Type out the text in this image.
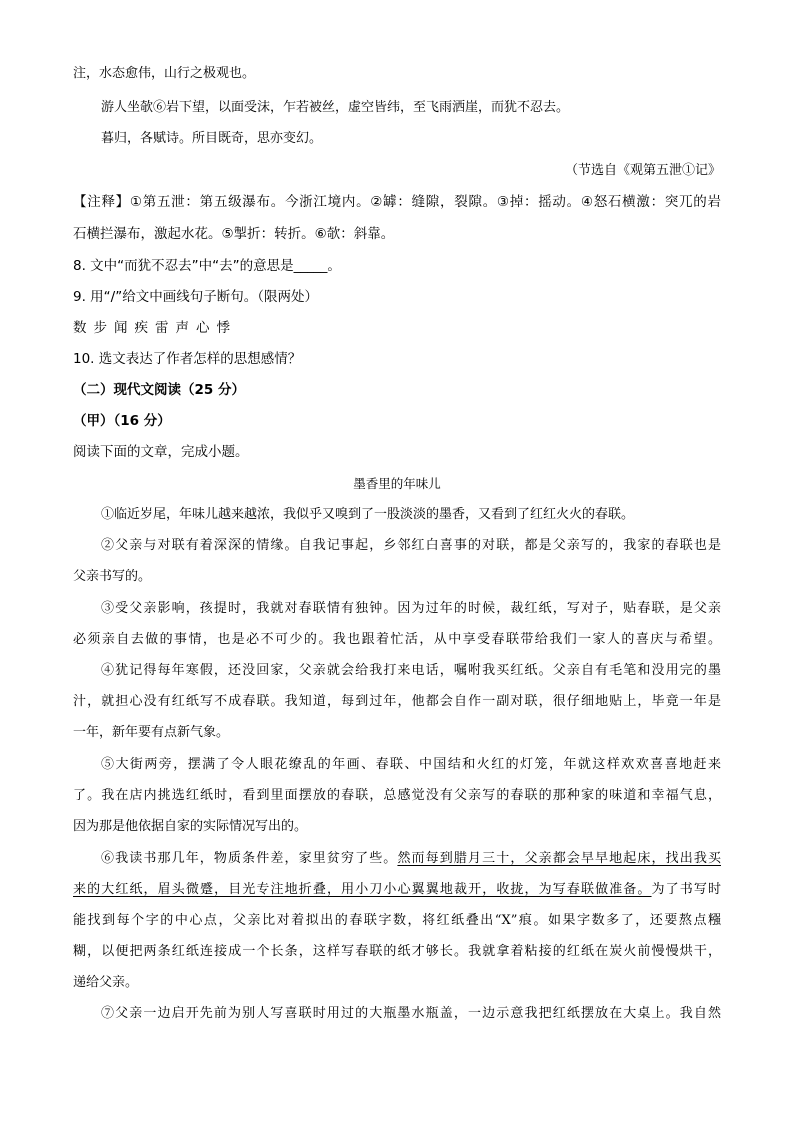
注，水态愈伟，山行之极观也。
游人坐欹⑥岩下望，以面受沫，乍若被丝，虚空皆纬，至飞雨洒崖，而犹不忍去。
暮归，各赋诗。所目既奇，思亦变幻。
（节选自《观第五泄①记》
【注释】①第五泄：第五级瀑布。今浙江境内。②罅：缝隙，裂隙。③掉：摇动。④怒石横激：突兀的岩
石横拦瀑布，激起水花。⑤掣折：转折。⑥欹：斜靠。
8. 文中“而犹不忍去”中“去”的意思是_____。
9. 用“/”给文中画线句子断句。（限两处）
数步闻疾雷声心悸
10. 选文表达了作者怎样的思想感情？
（二）现代文阅读（25 分）
（甲）（16 分）
阅读下面的文章，完成小题。
墨香里的年味儿
①临近岁尾，年味儿越来越浓，我似乎又嗅到了一股淡淡的墨香，又看到了红红火火的春联。
②父亲与对联有着深深的情缘。自我记事起，乡邻红白喜事的对联，都是父亲写的，我家的春联也是
父亲书写的。
③受父亲影响，孩提时，我就对春联情有独钟。因为过年的时候，裁红纸，写对子，贴春联，是父亲
必须亲自去做的事情，也是必不可少的。我也跟着忙活，从中享受春联带给我们一家人的喜庆与希望。
④犹记得每年寒假，还没回家，父亲就会给我打来电话，嘱咐我买红纸。父亲自有毛笔和没用完的墨
汁，就担心没有红纸写不成春联。我知道，每到过年，他都会自作一副对联，很仔细地贴上，毕竟一年是
一年，新年要有点新气象。
⑤大街两旁，摆满了令人眼花缭乱的年画、春联、中国结和火红的灯笼，年就这样欢欢喜喜地赶来
了。我在店内挑选红纸时，看到里面摆放的春联，总感觉没有父亲写的春联的那种家的味道和幸福气息，
因为那是他依据自家的实际情况写出的。
⑥我读书那几年，物质条件差，家里贫穷了些。然而每到腊月三十，父亲都会早早地起床，找出我买
来的大红纸，眉头微蹙，目光专注地折叠，用小刀小心翼翼地裁开，收拢，为写春联做准备。为了书写时
能找到每个字的中心点，父亲比对着拟出的春联字数，将红纸叠出“X”痕。如果字数多了，还要熬点糨
糊，以便把两条红纸连接成一个长条，这样写春联的纸才够长。我就拿着粘接的红纸在炭火前慢慢烘干，
递给父亲。
⑦父亲一边启开先前为别人写喜联时用过的大瓶墨水瓶盖，一边示意我把红纸摆放在大桌上。我自然
